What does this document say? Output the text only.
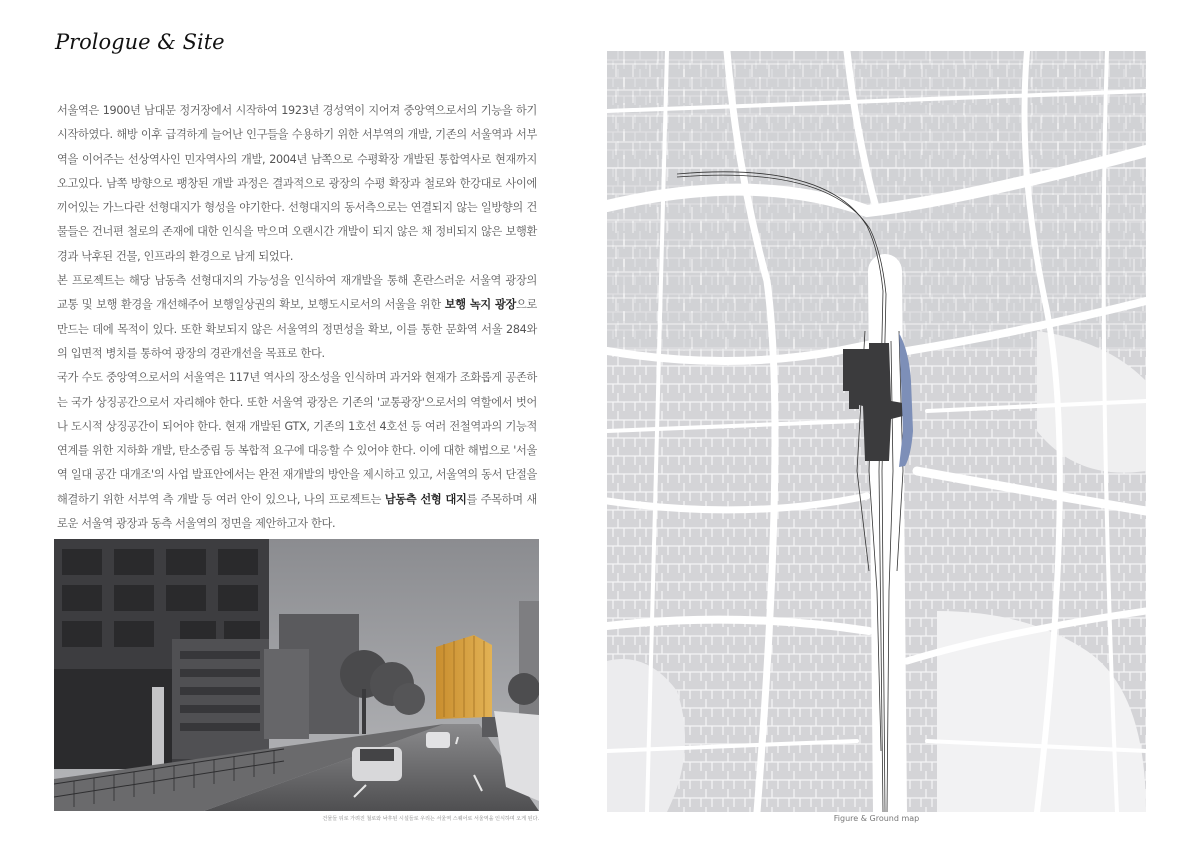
Prologue & Site

서울역은 1900년 남대문 정거장에서 시작하여 1923년 경성역이 지어져 중앙역으로서의 기능을 하기 시작하였다. 해방 이후 급격하게 늘어난 인구들을 수용하기 위한 서부역의 개발, 기존의 서울역과 서부역을 이어주는 선상역사인 민자역사의 개발, 2004년 남쪽으로 수평확장 개발된 통합역사로 현재까지 오고있다. 남쪽 방향으로 팽창된 개발 과정은 결과적으로 광장의 수평 확장과 철로와 한강대로 사이에 끼어있는 가느다란 선형대지가 형성을 야기한다. 선형대지의 동서측으로는 연결되지 않는 일방향의 건물들은 건너편 철로의 존재에 대한 인식을 막으며 오랜시간 개발이 되지 않은 채 정비되지 않은 보행환경과 낙후된 건물, 인프라의 환경으로 남게 되었다.

본 프로젝트는 해당 남동측 선형대지의 가능성을 인식하여 재개발을 통해 혼란스러운 서울역 광장의 교통 및 보행 환경을 개선해주어 보행일상권의 확보, 보행도시로서의 서울을 위한 보행 녹지 광장으로 만드는 데에 목적이 있다. 또한 확보되지 않은 서울역의 정면성을 확보, 이를 통한 문화역 서울 284와의 입면적 병치를 통하여 광장의 경관개선을 목표로 한다.

국가 수도 중앙역으로서의 서울역은 117년 역사의 장소성을 인식하며 과거와 현재가 조화롭게 공존하는 국가 상징공간으로서 자리해야 한다. 또한 서울역 광장은 기존의 '교통광장'으로서의 역할에서 벗어나 도시적 상징공간이 되어야 한다. 현재 개발된 GTX, 기존의 1호선 4호선 등 여러 전철역과의 기능적 연계를 위한 지하화 개발, 탄소중립 등 복합적 요구에 대응할 수 있어야 한다. 이에 대한 해법으로 '서울역 일대 공간 대개조'의 사업 발표안에서는 완전 재개발의 방안을 제시하고 있고, 서울역의 동서 단절을 해결하기 위한 서부역 측 개발 등 여러 안이 있으나, 나의 프로젝트는 남동측 선형 대지를 주목하며 새로운 서울역 광장과 동측 서울역의 정면을 제안하고자 한다.

건물들 뒤로 가려진 철로와 낙후된 시설들로 우리는 서울역 스퀘어로 서울역을 인식하며 오게 된다.	Figure & Ground map
